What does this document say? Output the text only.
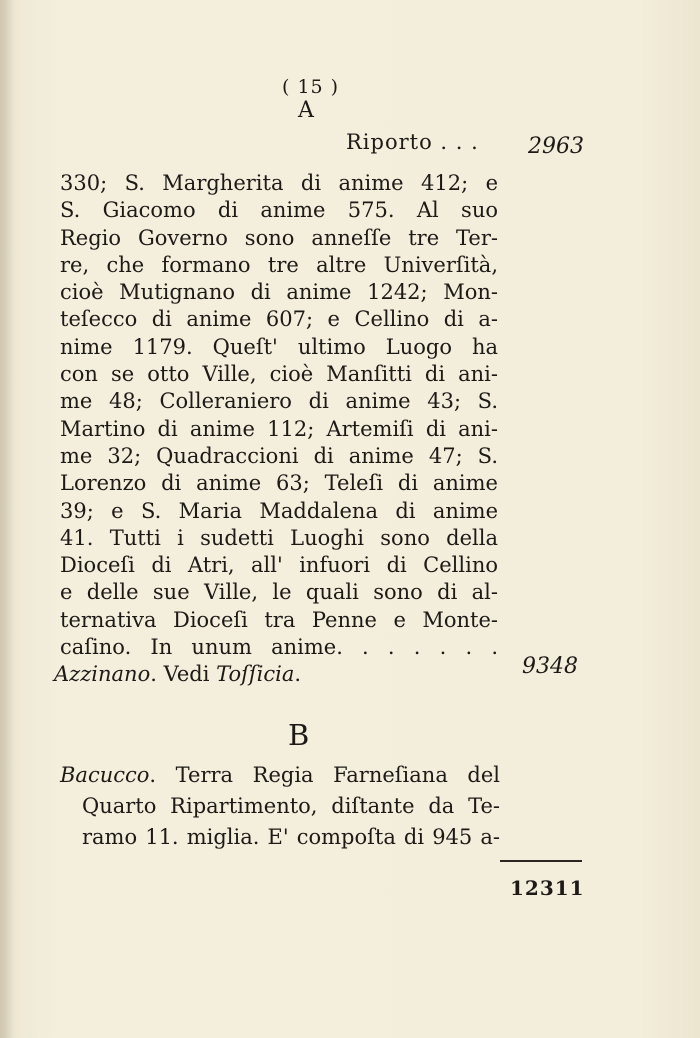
( 15 )
A
Riporto . . . 2963
330; S. Margherita di anime 412; e
S. Giacomo di anime 575. Al suo
Regio Governo sono anneſſe tre Ter-
re, che formano tre altre Univerſità,
cioè Mutignano di anime 1242; Mon-
teſecco di anime 607; e Cellino di a-
nime 1179. Queſt' ultimo Luogo ha
con se otto Ville, cioè Manſitti di ani-
me 48; Colleraniero di anime 43; S.
Martino di anime 112; Artemiſi di ani-
me 32; Quadraccioni di anime 47; S.
Lorenzo di anime 63; Teleſi di anime
39; e S. Maria Maddalena di anime
41. Tutti i sudetti Luoghi sono della
Dioceſi di Atri, all' infuori di Cellino
e delle sue Ville, le quali sono di al-
ternativa Dioceſi tra Penne e Monte-
caſino. In unum anime. . . . . . .
Azzinano. Vedi Toſſicia.	9348
B
Bacucco. Terra Regia Farneſiana del
Quarto Ripartimento, diſtante da Te-
ramo 11. miglia. E' compoſta di 945 a-
12311
